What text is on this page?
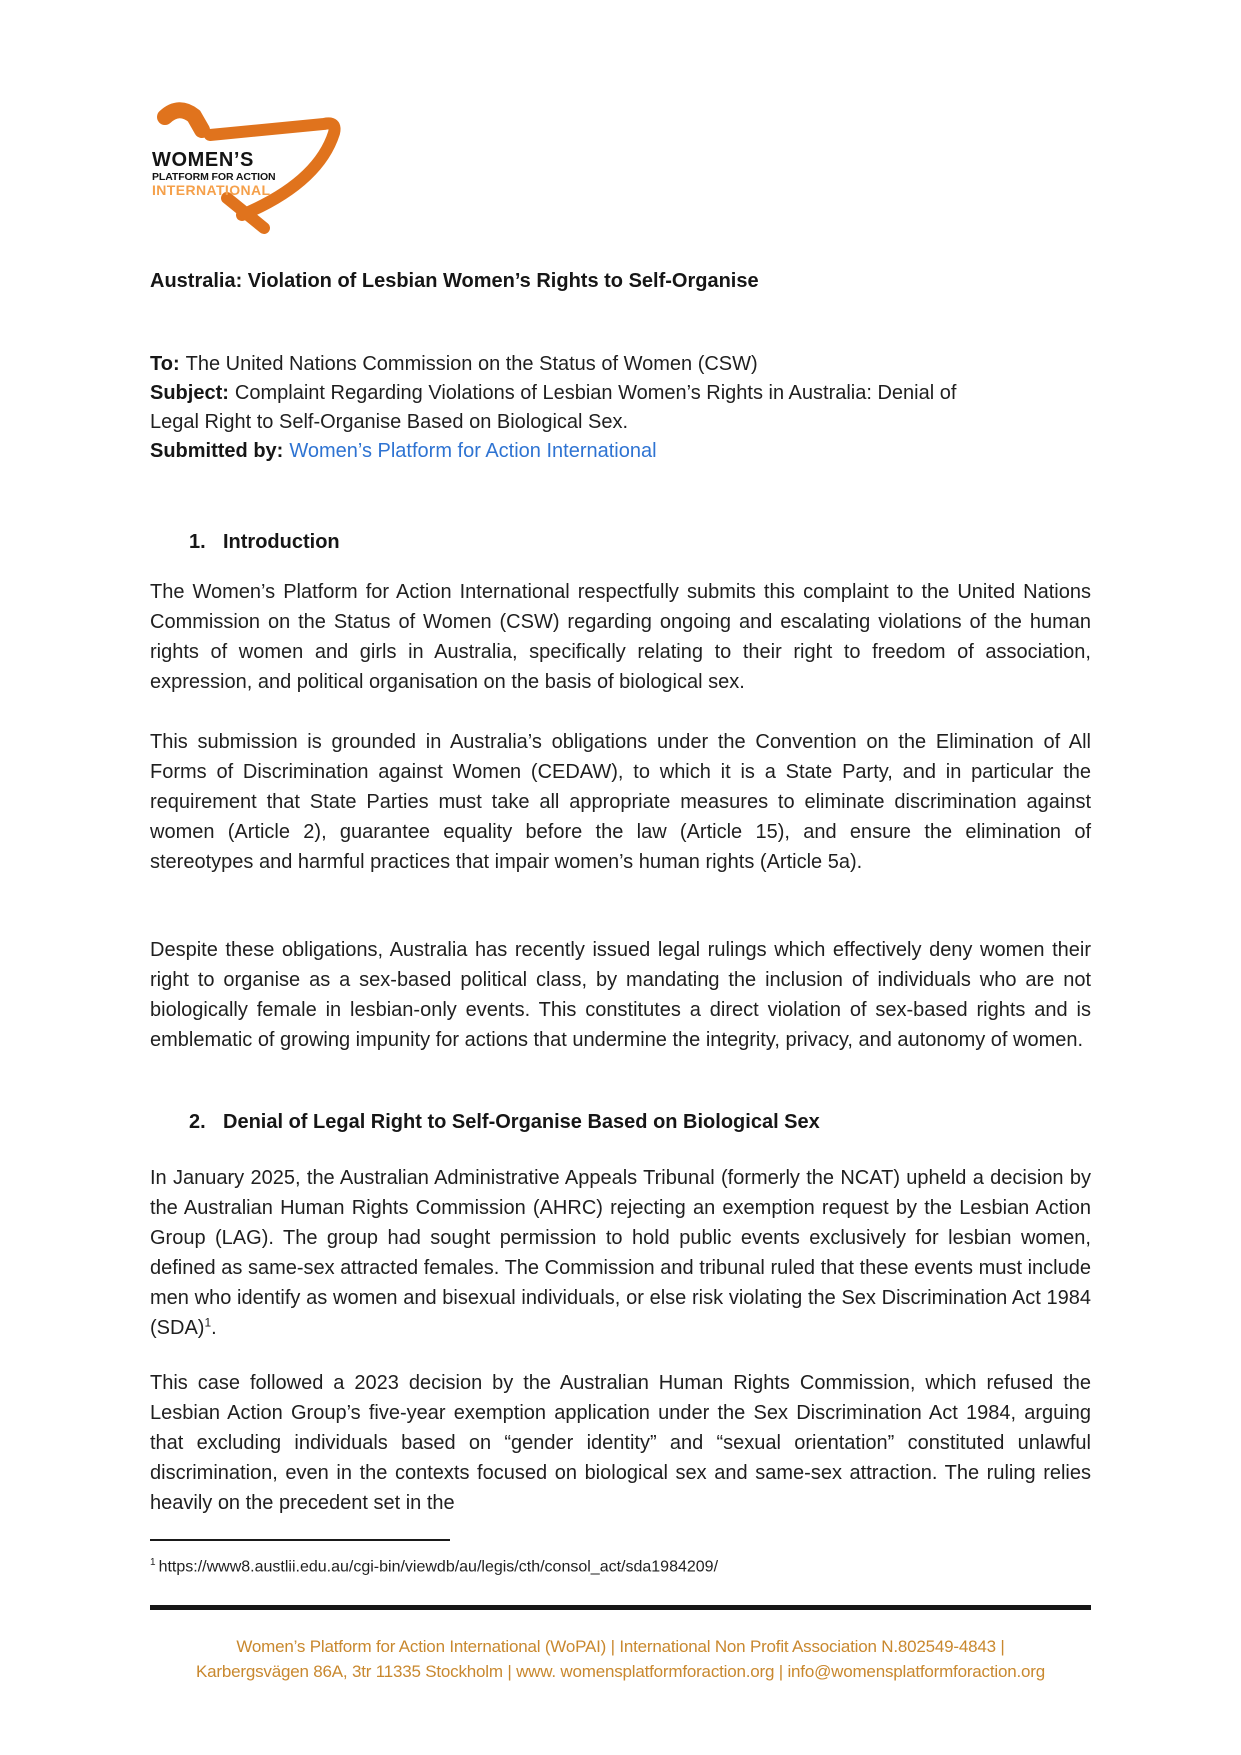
WOMEN’S
PLATFORM FOR ACTION
INTERNATIONAL
Australia: Violation of Lesbian Women’s Rights to Self-Organise
To: The United Nations Commission on the Status of Women (CSW)
Subject: Complaint Regarding Violations of Lesbian Women’s Rights in Australia: Denial of
Legal Right to Self-Organise Based on Biological Sex.
Submitted by: Women’s Platform for Action International
1. Introduction
The Women’s Platform for Action International respectfully submits this complaint to the United Nations Commission on the Status of Women (CSW) regarding ongoing and escalating violations of the human rights of women and girls in Australia, specifically relating to their right to freedom of association, expression, and political organisation on the basis of biological sex.
This submission is grounded in Australia’s obligations under the Convention on the Elimination of All Forms of Discrimination against Women (CEDAW), to which it is a State Party, and in particular the requirement that State Parties must take all appropriate measures to eliminate discrimination against women (Article 2), guarantee equality before the law (Article 15), and ensure the elimination of stereotypes and harmful practices that impair women’s human rights (Article 5a).
Despite these obligations, Australia has recently issued legal rulings which effectively deny women their right to organise as a sex-based political class, by mandating the inclusion of individuals who are not biologically female in lesbian-only events. This constitutes a direct violation of sex-based rights and is emblematic of growing impunity for actions that undermine the integrity, privacy, and autonomy of women.
2. Denial of Legal Right to Self-Organise Based on Biological Sex
In January 2025, the Australian Administrative Appeals Tribunal (formerly the NCAT) upheld a decision by the Australian Human Rights Commission (AHRC) rejecting an exemption request by the Lesbian Action Group (LAG). The group had sought permission to hold public events exclusively for lesbian women, defined as same-sex attracted females. The Commission and tribunal ruled that these events must include men who identify as women and bisexual individuals, or else risk violating the Sex Discrimination Act 1984 (SDA)$^1$.
This case followed a 2023 decision by the Australian Human Rights Commission, which refused the Lesbian Action Group’s five-year exemption application under the Sex Discrimination Act 1984, arguing that excluding individuals based on “gender identity” and “sexual orientation” constituted unlawful discrimination, even in the contexts focused on biological sex and same-sex attraction. The ruling relies heavily on the precedent set in the
$^1$ https://www8.austlii.edu.au/cgi-bin/viewdb/au/legis/cth/consol_act/sda1984209/
Women’s Platform for Action International (WoPAI) | International Non Profit Association N.802549-4843 |
Karbergsvägen 86A, 3tr 11335 Stockholm | www. womensplatformforaction.org | info@womensplatformforaction.org
